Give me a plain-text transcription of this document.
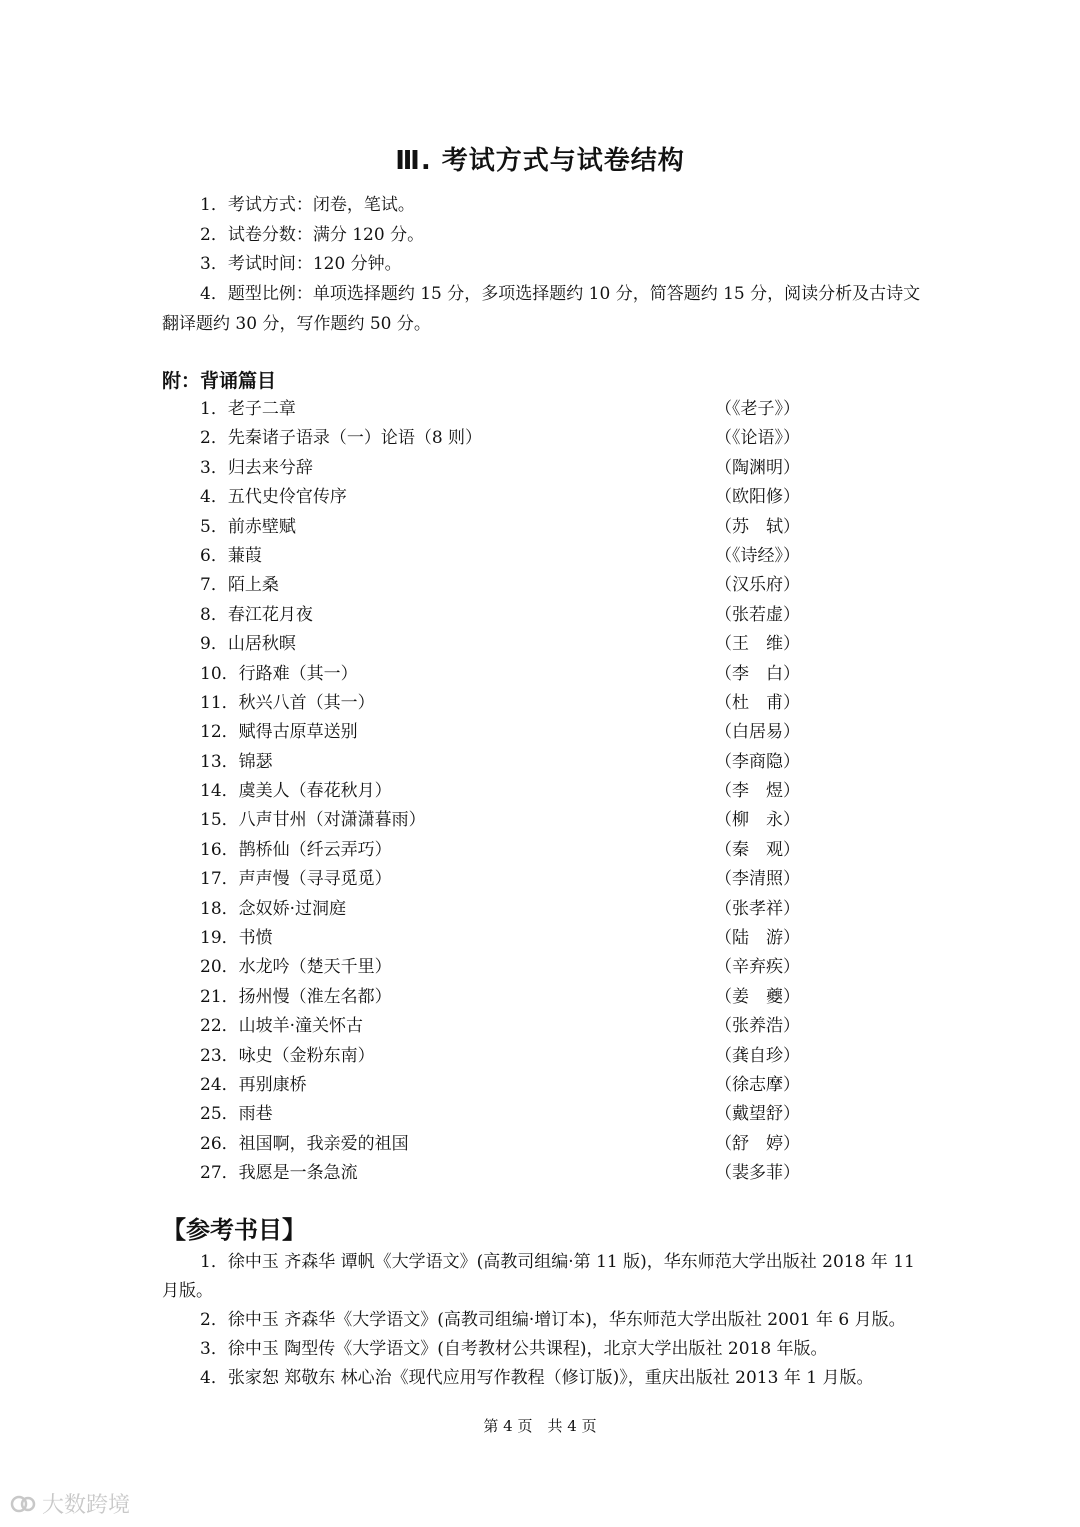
Ⅲ. 考试方式与试卷结构
1．考试方式：闭卷，笔试。
2．试卷分数：满分 120 分。
3．考试时间：120 分钟。
4．题型比例：单项选择题约 15 分，多项选择题约 10 分，简答题约 15 分，阅读分析及古诗文翻译题约 30 分，写作题约 50 分。
附：背诵篇目
1．老子二章	（《老子》）
2．先秦诸子语录（一）论语（8 则）	（《论语》）
3．归去来兮辞	（陶渊明）
4．五代史伶官传序	（欧阳修）
5．前赤壁赋	（苏　轼）
6．蒹葭	（《诗经》）
7．陌上桑	（汉乐府）
8．春江花月夜	（张若虚）
9．山居秋暝	（王　维）
10．行路难（其一）	（李　白）
11．秋兴八首（其一）	（杜　甫）
12．赋得古原草送别	（白居易）
13．锦瑟	（李商隐）
14．虞美人（春花秋月）	（李　煜）
15．八声甘州（对潇潇暮雨）	（柳　永）
16．鹊桥仙（纤云弄巧）	（秦　观）
17．声声慢（寻寻觅觅）	（李清照）
18．念奴娇·过洞庭	（张孝祥）
19．书愤	（陆　游）
20．水龙吟（楚天千里）	（辛弃疾）
21．扬州慢（淮左名都）	（姜　夔）
22．山坡羊·潼关怀古	（张养浩）
23．咏史（金粉东南）	（龚自珍）
24．再别康桥	（徐志摩）
25．雨巷	（戴望舒）
26．祖国啊，我亲爱的祖国	（舒　婷）
27．我愿是一条急流	（裴多菲）
【参考书目】
1．徐中玉 齐森华 谭帆《大学语文》(高教司组编·第 11 版)，华东师范大学出版社 2018 年 11 月版。
2．徐中玉 齐森华《大学语文》(高教司组编·增订本)，华东师范大学出版社 2001 年 6 月版。
3．徐中玉 陶型传《大学语文》(自考教材公共课程)，北京大学出版社 2018 年版。
4．张家恕 郑敬东 林心治《现代应用写作教程（修订版)》，重庆出版社 2013 年 1 月版。
第 4 页　共 4 页
大数跨境
